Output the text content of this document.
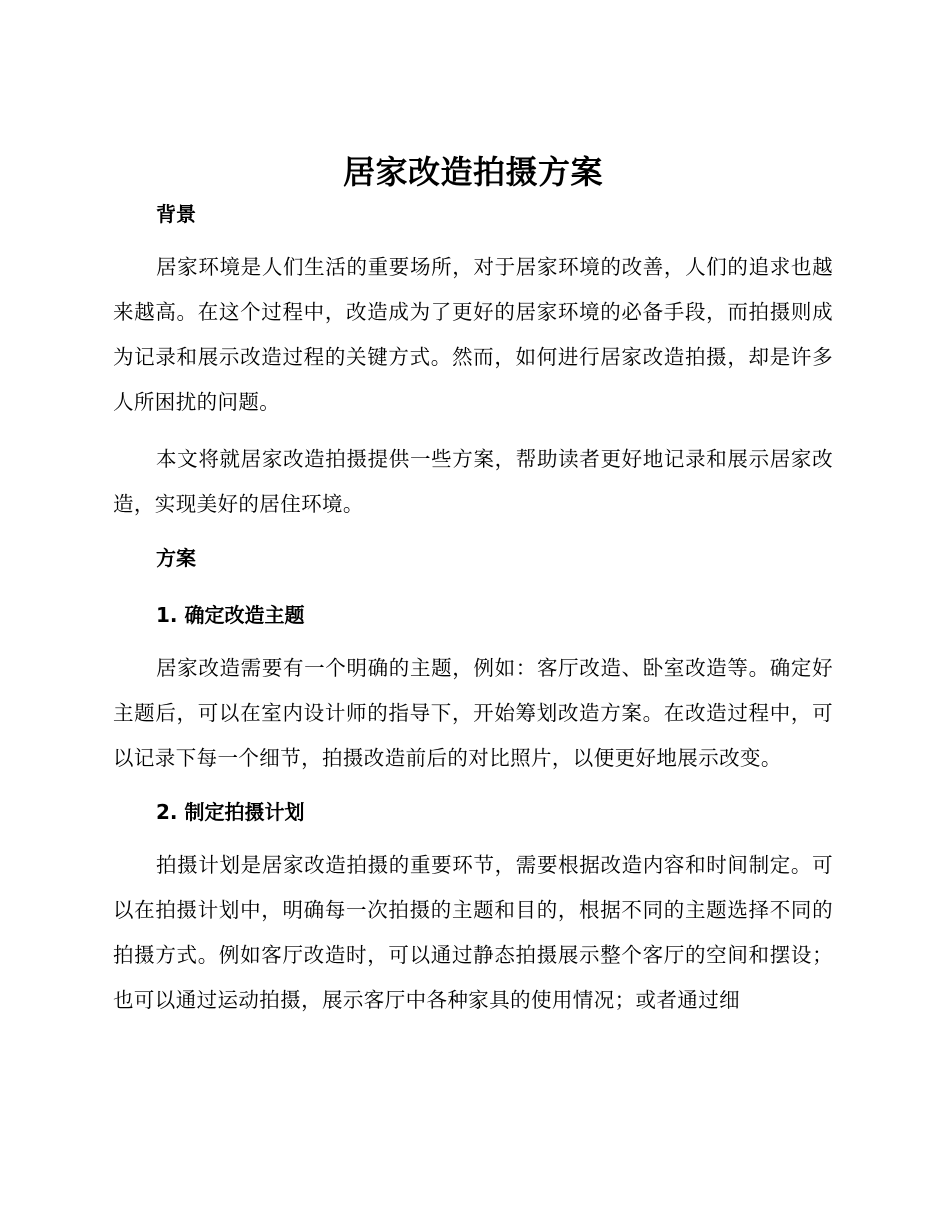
居家改造拍摄方案
背景

居家环境是人们生活的重要场所，对于居家环境的改善，人们的追求也越来越高。在这个过程中，改造成为了更好的居家环境的必备手段，而拍摄则成为记录和展示改造过程的关键方式。然而，如何进行居家改造拍摄，却是许多人所困扰的问题。

本文将就居家改造拍摄提供一些方案，帮助读者更好地记录和展示居家改造，实现美好的居住环境。

方案
1. 确定改造主题

居家改造需要有一个明确的主题，例如：客厅改造、卧室改造等。确定好主题后，可以在室内设计师的指导下，开始筹划改造方案。在改造过程中，可以记录下每一个细节，拍摄改造前后的对比照片，以便更好地展示改变。

2. 制定拍摄计划

拍摄计划是居家改造拍摄的重要环节，需要根据改造内容和时间制定。可以在拍摄计划中，明确每一次拍摄的主题和目的，根据不同的主题选择不同的拍摄方式。例如客厅改造时，可以通过静态拍摄展示整个客厅的空间和摆设；也可以通过运动拍摄，展示客厅中各种家具的使用情况；或者通过细
